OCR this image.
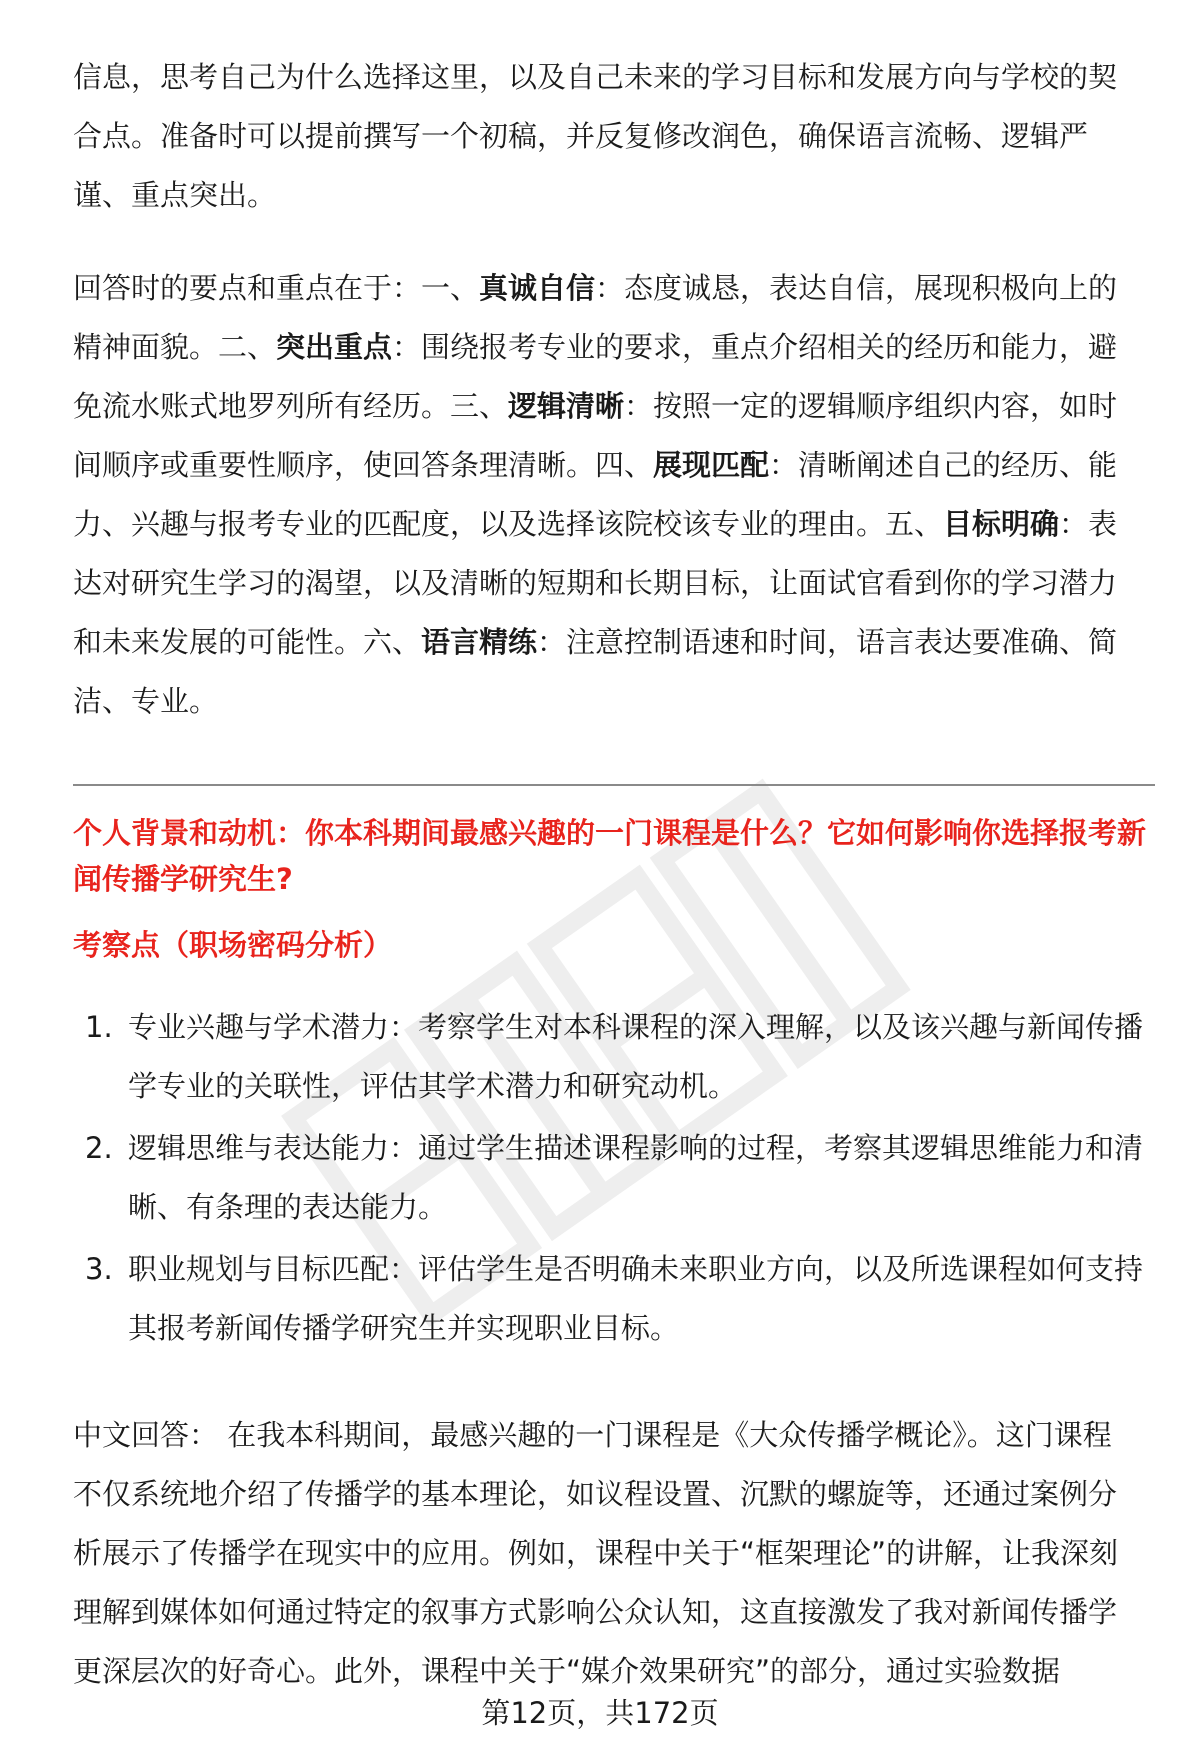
信息，思考自己为什么选择这里，以及自己未来的学习目标和发展方向与学校的契合点。准备时可以提前撰写一个初稿，并反复修改润色，确保语言流畅、逻辑严谨、重点突出。

回答时的要点和重点在于：一、真诚自信：态度诚恳，表达自信，展现积极向上的精神面貌。二、突出重点：围绕报考专业的要求，重点介绍相关的经历和能力，避免流水账式地罗列所有经历。三、逻辑清晰：按照一定的逻辑顺序组织内容，如时间顺序或重要性顺序，使回答条理清晰。四、展现匹配：清晰阐述自己的经历、能力、兴趣与报考专业的匹配度，以及选择该院校该专业的理由。五、目标明确：表达对研究生学习的渴望，以及清晰的短期和长期目标，让面试官看到你的学习潜力和未来发展的可能性。六、语言精练：注意控制语速和时间，语言表达要准确、简洁、专业。

个人背景和动机：你本科期间最感兴趣的一门课程是什么？它如何影响你选择报考新闻传播学研究生?

考察点（职场密码分析）

1. 专业兴趣与学术潜力：考察学生对本科课程的深入理解，以及该兴趣与新闻传播学专业的关联性，评估其学术潜力和研究动机。
2. 逻辑思维与表达能力：通过学生描述课程影响的过程，考察其逻辑思维能力和清晰、有条理的表达能力。
3. 职业规划与目标匹配：评估学生是否明确未来职业方向，以及所选课程如何支持其报考新闻传播学研究生并实现职业目标。

中文回答： 在我本科期间，最感兴趣的一门课程是《大众传播学概论》。这门课程不仅系统地介绍了传播学的基本理论，如议程设置、沉默的螺旋等，还通过案例分析展示了传播学在现实中的应用。例如，课程中关于“框架理论”的讲解，让我深刻理解到媒体如何通过特定的叙事方式影响公众认知，这直接激发了我对新闻传播学更深层次的好奇心。此外，课程中关于“媒介效果研究”的部分，通过实验数据

第12页，共172页
